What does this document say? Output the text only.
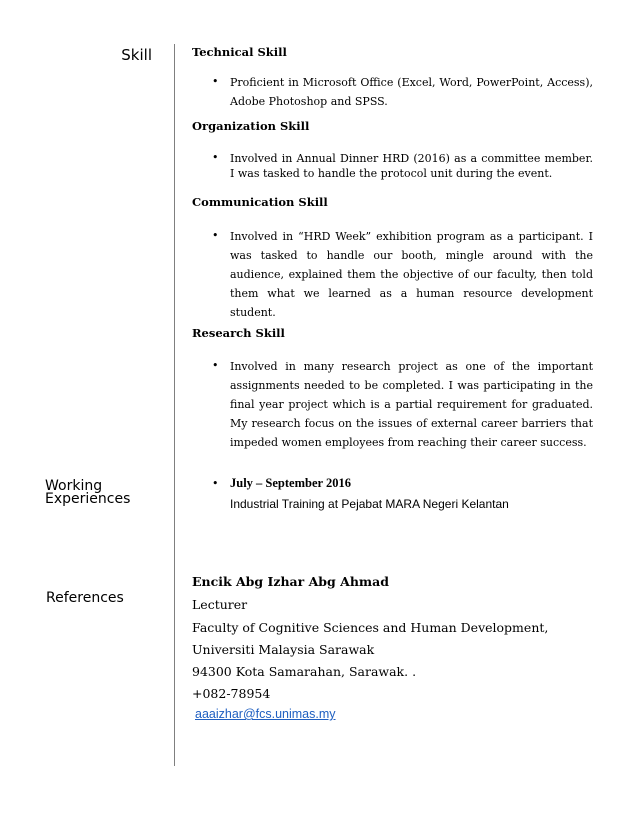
Skill
Working
Experiences
References
Technical Skill
• Proficient in Microsoft Office (Excel, Word, PowerPoint, Access), Adobe Photoshop and SPSS.
Organization Skill
• Involved in Annual Dinner HRD (2016) as a committee member. I was tasked to handle the protocol unit during the event.
Communication Skill
• Involved in “HRD Week” exhibition program as a participant. I was tasked to handle our booth, mingle around with the audience, explained them the objective of our faculty, then told them what we learned as a human resource development student.
Research Skill
• Involved in many research project as one of the important assignments needed to be completed. I was participating in the final year project which is a partial requirement for graduated. My research focus on the issues of external career barriers that impeded women employees from reaching their career success.
• July – September 2016
Industrial Training at Pejabat MARA Negeri Kelantan
Encik Abg Izhar Abg Ahmad
Lecturer
Faculty of Cognitive Sciences and Human Development,
Universiti Malaysia Sarawak
94300 Kota Samarahan, Sarawak. .
+082-78954
aaaizhar@fcs.unimas.my
